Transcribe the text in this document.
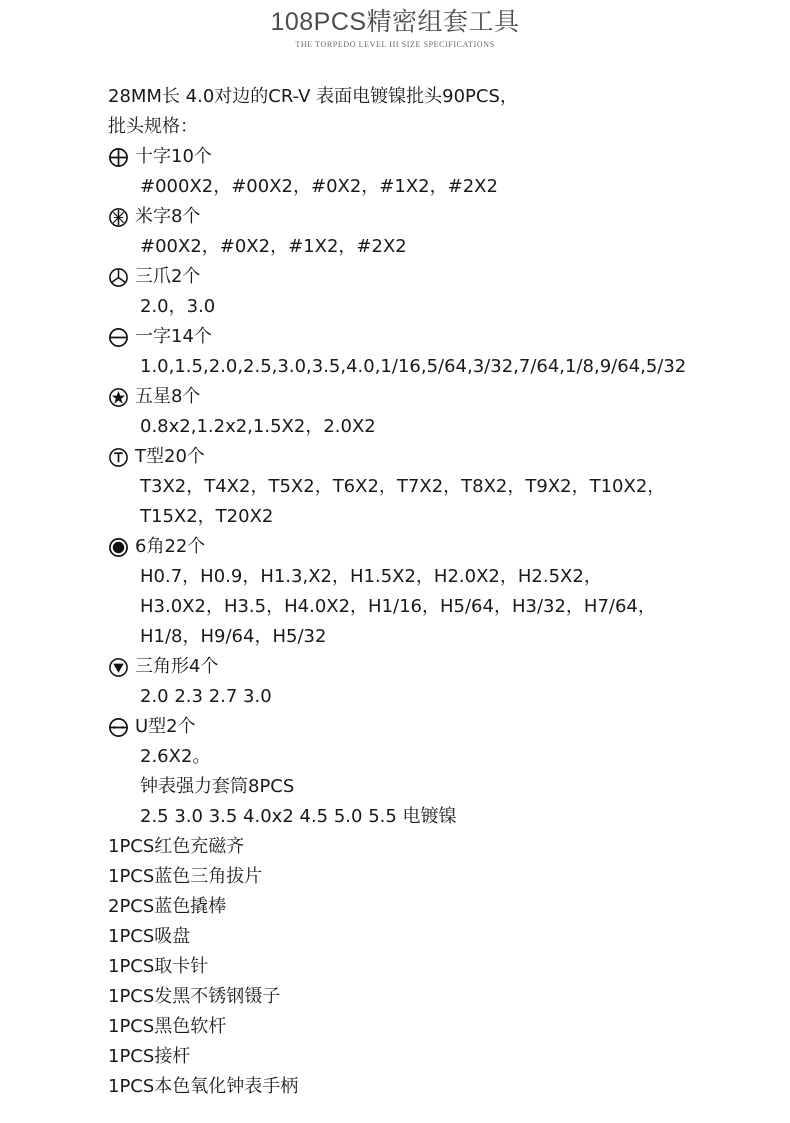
108PCS精密组套工具
THE TORPEDO LEVEL III SIZE SPECIFICATIONS
28MM长 4.0对边的CR-V 表面电镀镍批头90PCS，
批头规格：
十字10个
#000X2，#00X2，#0X2，#1X2，#2X2
米字8个
#00X2，#0X2，#1X2，#2X2
三爪2个
2.0，3.0
一字14个
1.0,1.5,2.0,2.5,3.0,3.5,4.0,1/16,5/64,3/32,7/64,1/8,9/64,5/32
五星8个
0.8x2,1.2x2,1.5X2，2.0X2
T型20个
T3X2，T4X2，T5X2，T6X2，T7X2，T8X2，T9X2，T10X2，
T15X2，T20X2
6角22个
H0.7，H0.9，H1.3,X2，H1.5X2，H2.0X2，H2.5X2，
H3.0X2，H3.5，H4.0X2，H1/16，H5/64，H3/32，H7/64，
H1/8，H9/64，H5/32
三角形4个
2.0 2.3 2.7 3.0
U型2个
2.6X2。
钟表强力套筒8PCS
2.5 3.0 3.5 4.0x2 4.5 5.0 5.5 电镀镍
1PCS红色充磁齐
1PCS蓝色三角拔片
2PCS蓝色撬棒
1PCS吸盘
1PCS取卡针
1PCS发黑不锈钢镊子
1PCS黑色软杆
1PCS接杆
1PCS本色氧化钟表手柄
